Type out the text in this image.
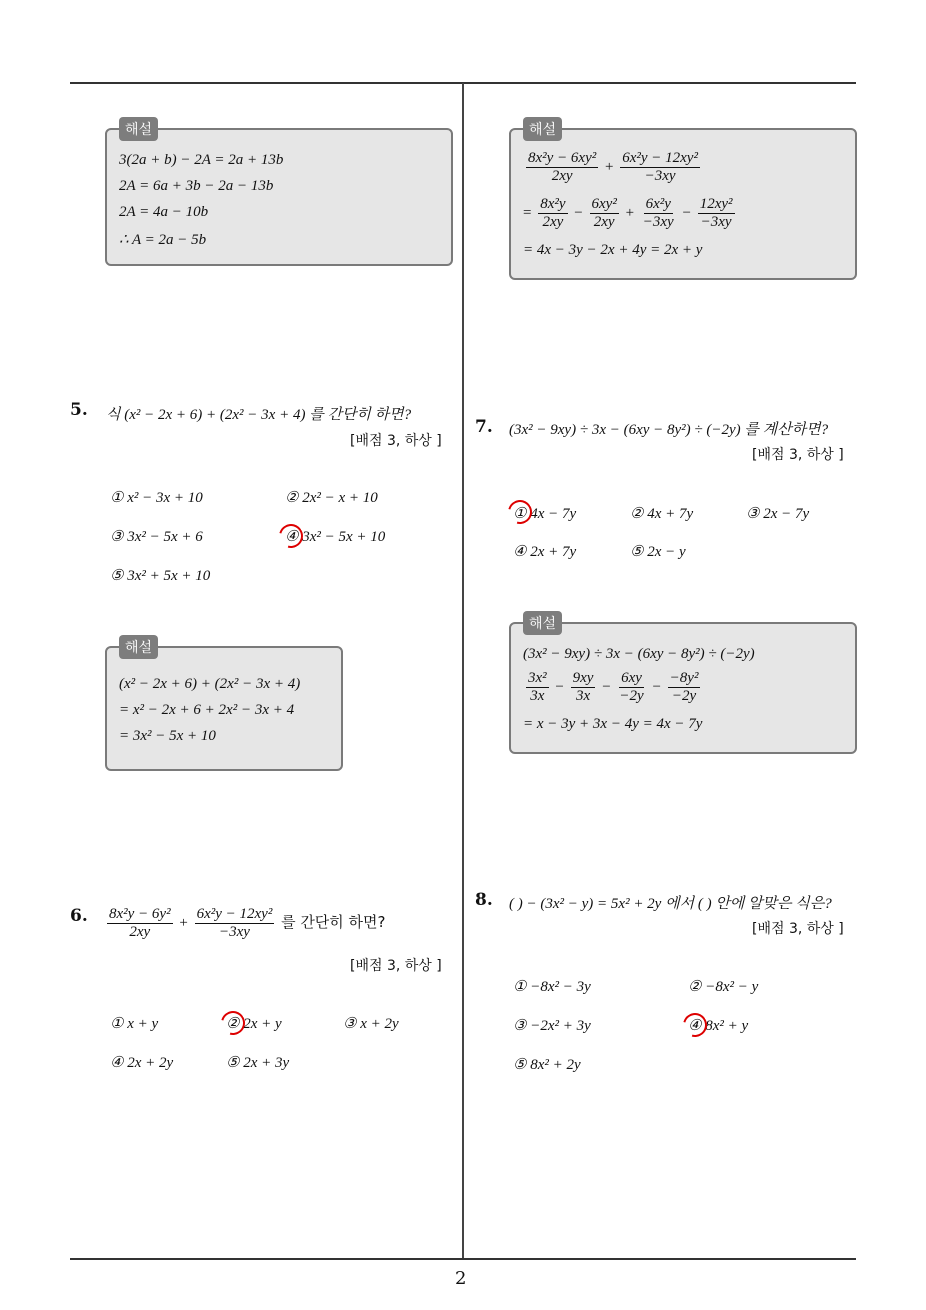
2
해설
3(2a + b) − 2A = 2a + 13b
2A = 6a + 3b − 2a − 13b
2A = 4a − 10b
∴ A = 2a − 5b
5. 식 (x² − 2x + 6) + (2x² − 3x + 4) 를 간단히 하면?
[배점 3, 하상 ]
① x² − 3x + 10	② 2x² − x + 10
③ 3x² − 5x + 6	④ 3x² − 5x + 10
⑤ 3x² + 5x + 10
해설
(x² − 2x + 6) + (2x² − 3x + 4)
= x² − 2x + 6 + 2x² − 3x + 4
= 3x² − 5x + 10
6. $\frac{\text{8x²y − 6y²}}{2xy} + \frac{\text{6x²y − 12xy²}}{-3xy}$ 를 간단히 하면?
[배점 3, 하상 ]
① x + y	② 2x + y	③ x + 2y
④ 2x + 2y	⑤ 2x + 3y
해설
$\frac{\text{8x²y − 6xy²}}{2xy} + \frac{\text{6x²y − 12xy²}}{-3xy}$
= $\frac{\text{8x²y}}{2xy} - \frac{\text{6xy²}}{2xy} + \frac{\text{6x²y}}{-3xy} - \frac{\text{12xy²}}{-3xy}$
= 4x − 3y − 2x + 4y = 2x + y
7. (3x² − 9xy) ÷ 3x − (6xy − 8y²) ÷ (−2y) 를 계산하면?
[배점 3, 하상 ]
① 4x − 7y	② 4x + 7y	③ 2x − 7y
④ 2x + 7y	⑤ 2x − y
해설
(3x² − 9xy) ÷ 3x − (6xy − 8y²) ÷ (−2y)
$\frac{\text{3x²}}{3x} - \frac{9xy}{3x} - \frac{6xy}{-2y} - \frac{\text{−8y²}}{-2y}$
= x − 3y + 3x − 4y = 4x − 7y
8. ( ) − (3x² − y) = 5x² + 2y 에서 ( ) 안에 알맞은 식은?
[배점 3, 하상 ]
① −8x² − 3y	② −8x² − y
③ −2x² + 3y	④ 8x² + y
⑤ 8x² + 2y
